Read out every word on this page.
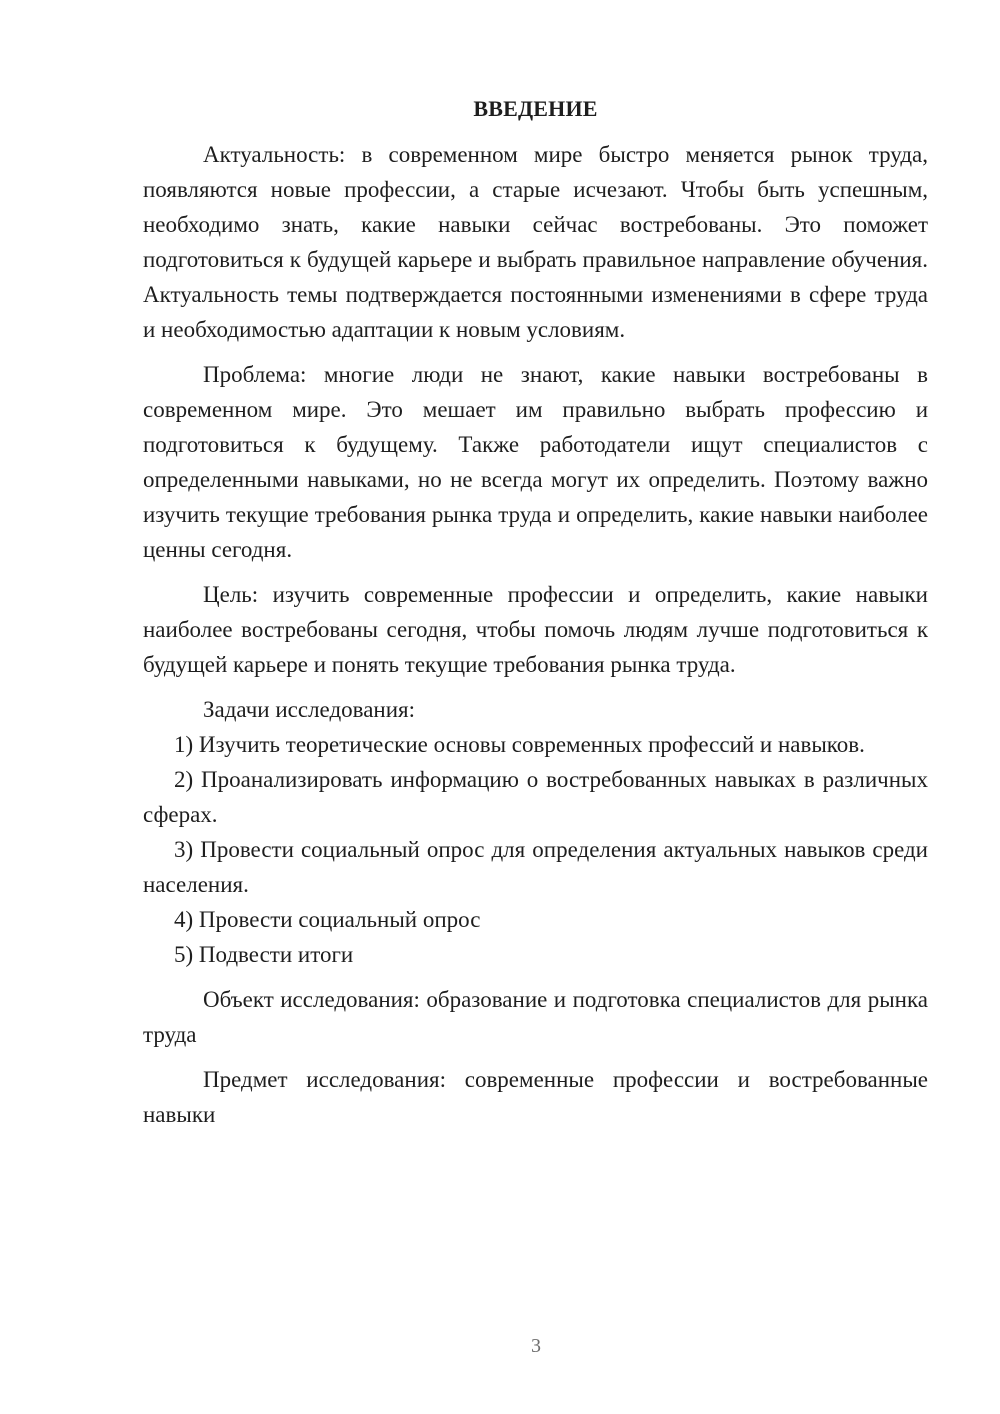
ВВЕДЕНИЕ

Актуальность: в современном мире быстро меняется рынок труда, появляются новые профессии, а старые исчезают. Чтобы быть успешным, необходимо знать, какие навыки сейчас востребованы. Это поможет подготовиться к будущей карьере и выбрать правильное направление обучения. Актуальность темы подтверждается постоянными изменениями в сфере труда и необходимостью адаптации к новым условиям.

Проблема: многие люди не знают, какие навыки востребованы в современном мире. Это мешает им правильно выбрать профессию и подготовиться к будущему. Также работодатели ищут специалистов с определенными навыками, но не всегда могут их определить. Поэтому важно изучить текущие требования рынка труда и определить, какие навыки наиболее ценны сегодня.

Цель: изучить современные профессии и определить, какие навыки наиболее востребованы сегодня, чтобы помочь людям лучше подготовиться к будущей карьере и понять текущие требования рынка труда.

Задачи исследования:

1) Изучить теоретические основы современных профессий и навыков.

2) Проанализировать информацию о востребованных навыках в различных сферах.

3) Провести социальный опрос для определения актуальных навыков среди населения.

4) Провести социальный опрос

5) Подвести итоги

Объект исследования: образование и подготовка специалистов для рынка труда

Предмет исследования: современные профессии и востребованные навыки

3
